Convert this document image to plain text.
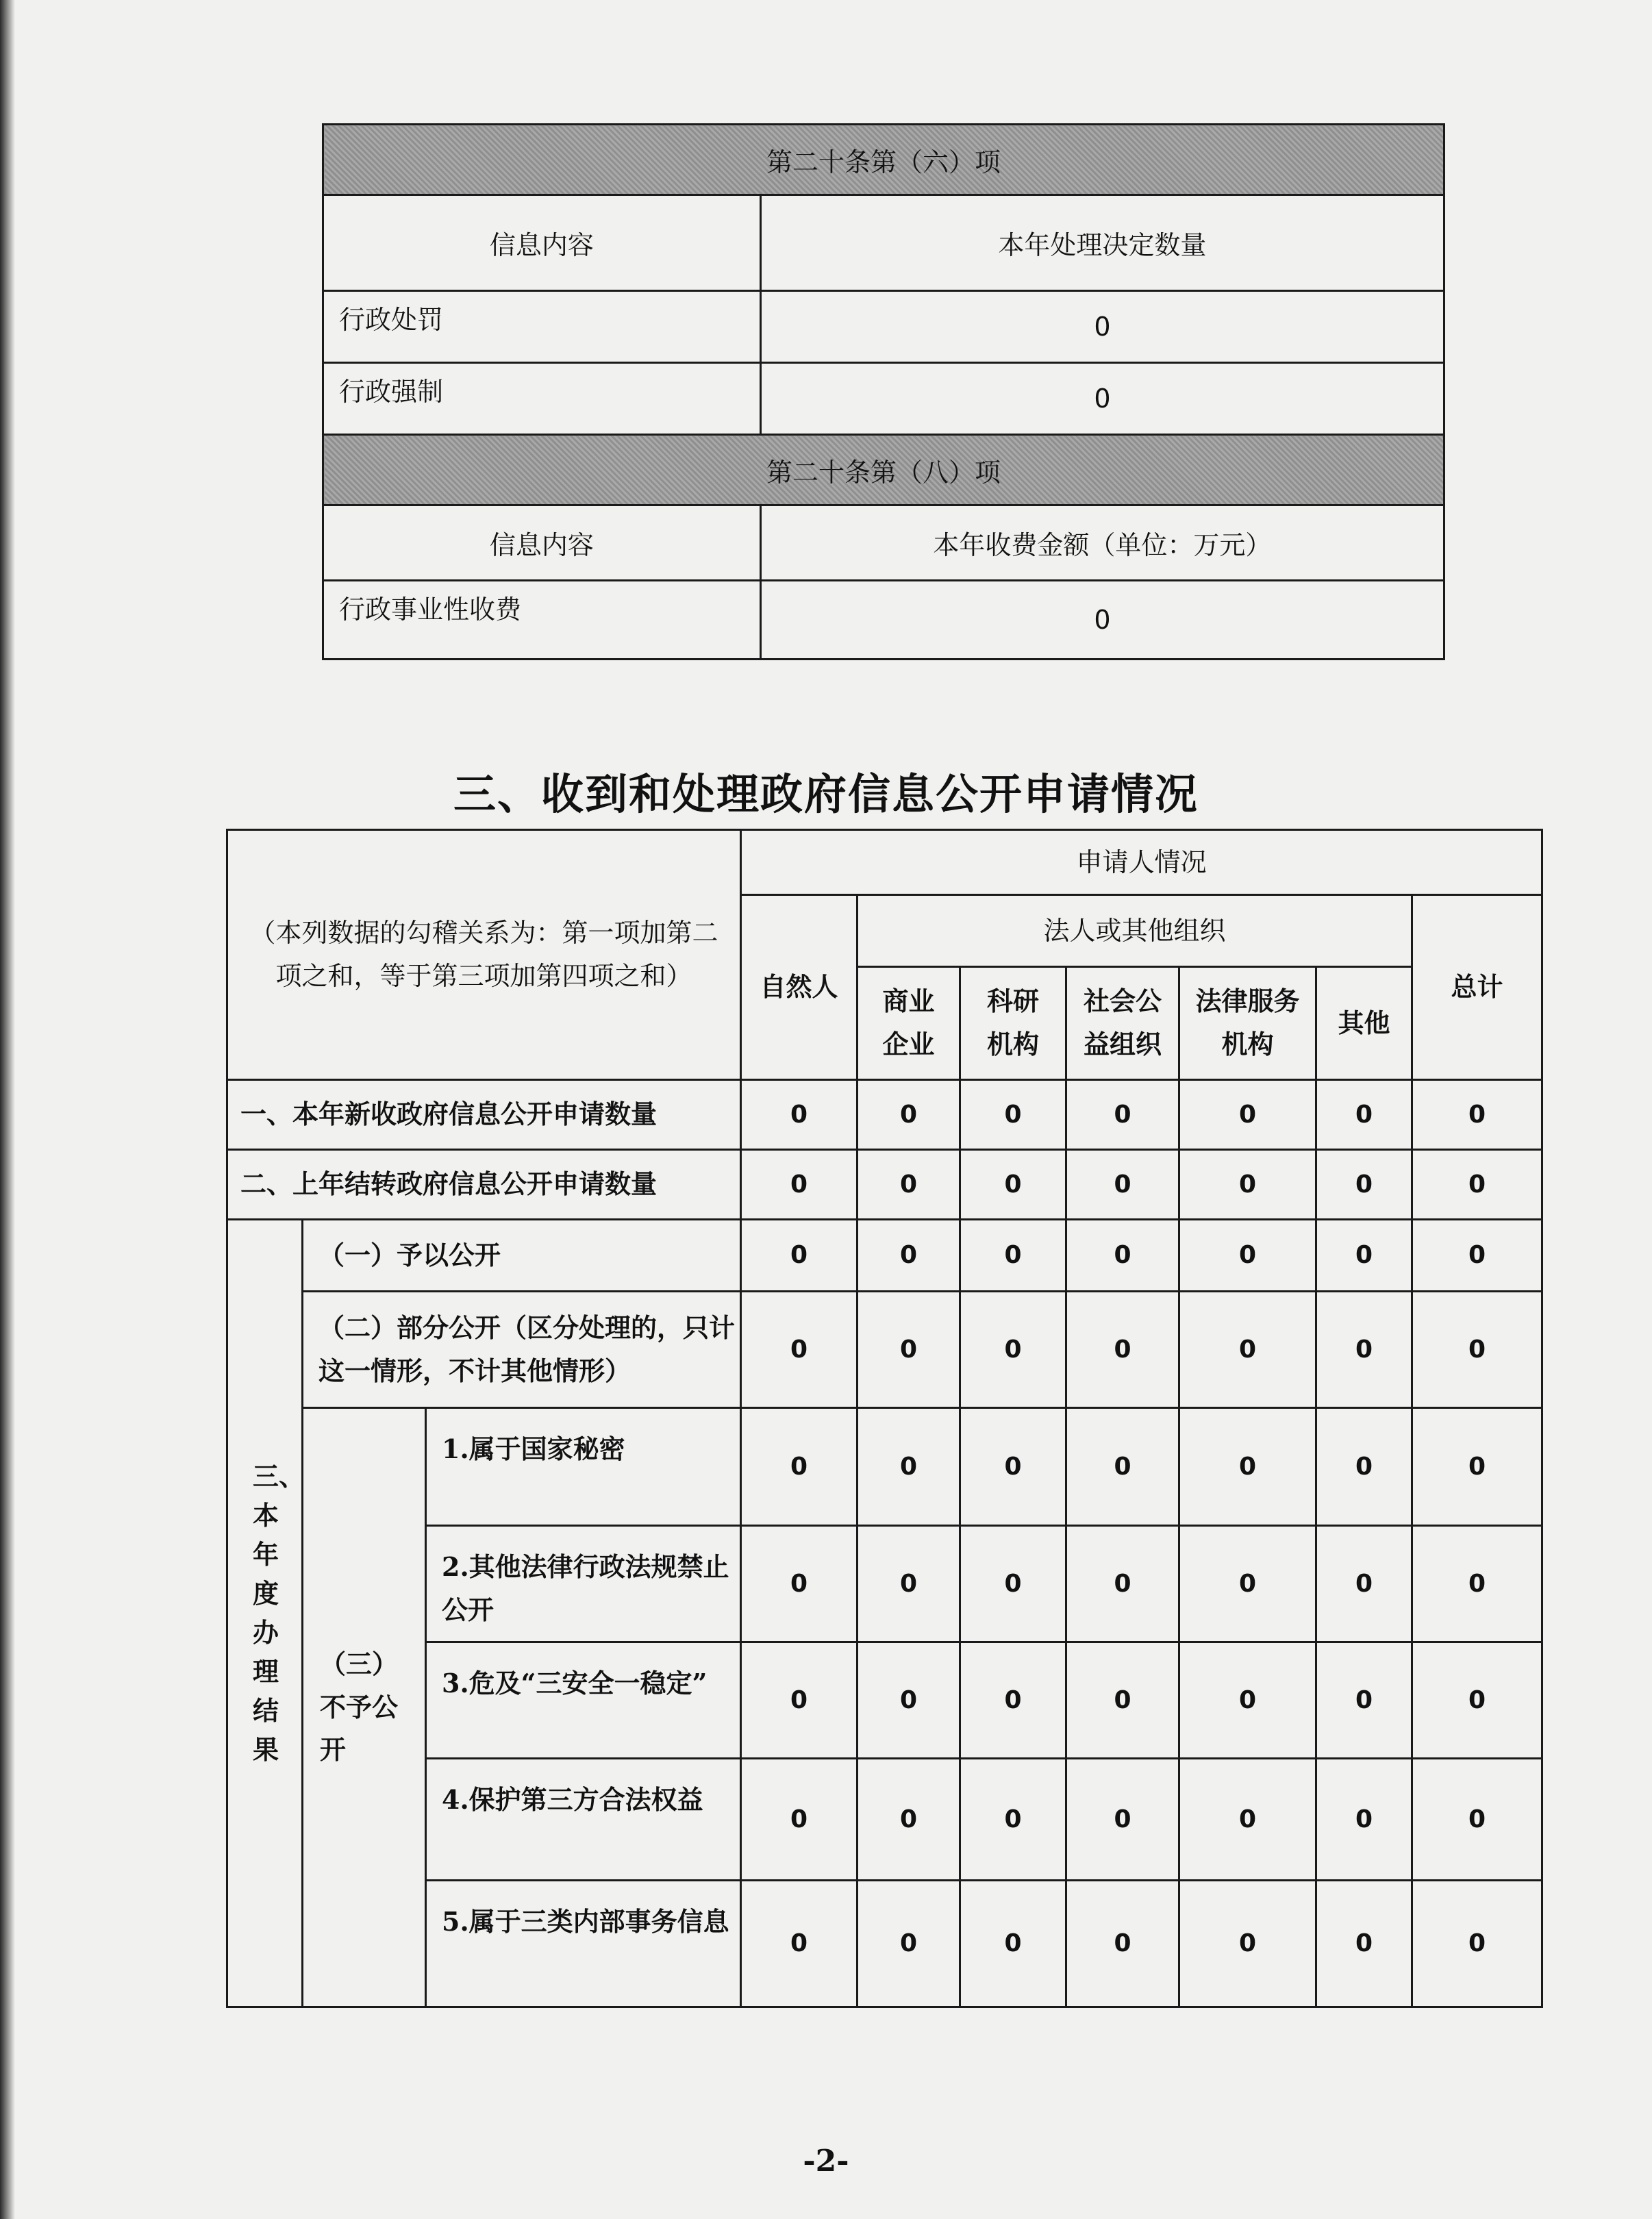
第二十条第（六）项	
信息内容	本年处理决定数量
行政处罚	0
行政强制	0
第二十条第（八）项	
信息内容	本年收费金额（单位：万元）
行政事业性收费	0
三、收到和处理政府信息公开申请情况
（本列数据的勾稽关系为：第一项加第二项之和，等于第三项加第四项之和）			申请人情况						
			自然人	法人或其他组织					总计
				商业企业	科研机构	社会公益组织	法律服务机构	其他	
一、本年新收政府信息公开申请数量			0	0	0	0	0	0	0
二、上年结转政府信息公开申请数量			0	0	0	0	0	0	0
三、本年度办理结果	（一）予以公开		0	0	0	0	0	0	0
	（二）部分公开（区分处理的，只计这一情形，不计其他情形）		0	0	0	0	0	0	0
	（三）不予公开	1.属于国家秘密	0	0	0	0	0	0	0
		2.其他法律行政法规禁止公开	0	0	0	0	0	0	0
		3.危及“三安全一稳定”	0	0	0	0	0	0	0
		4.保护第三方合法权益	0	0	0	0	0	0	0
		5.属于三类内部事务信息	0	0	0	0	0	0	0
-2-
